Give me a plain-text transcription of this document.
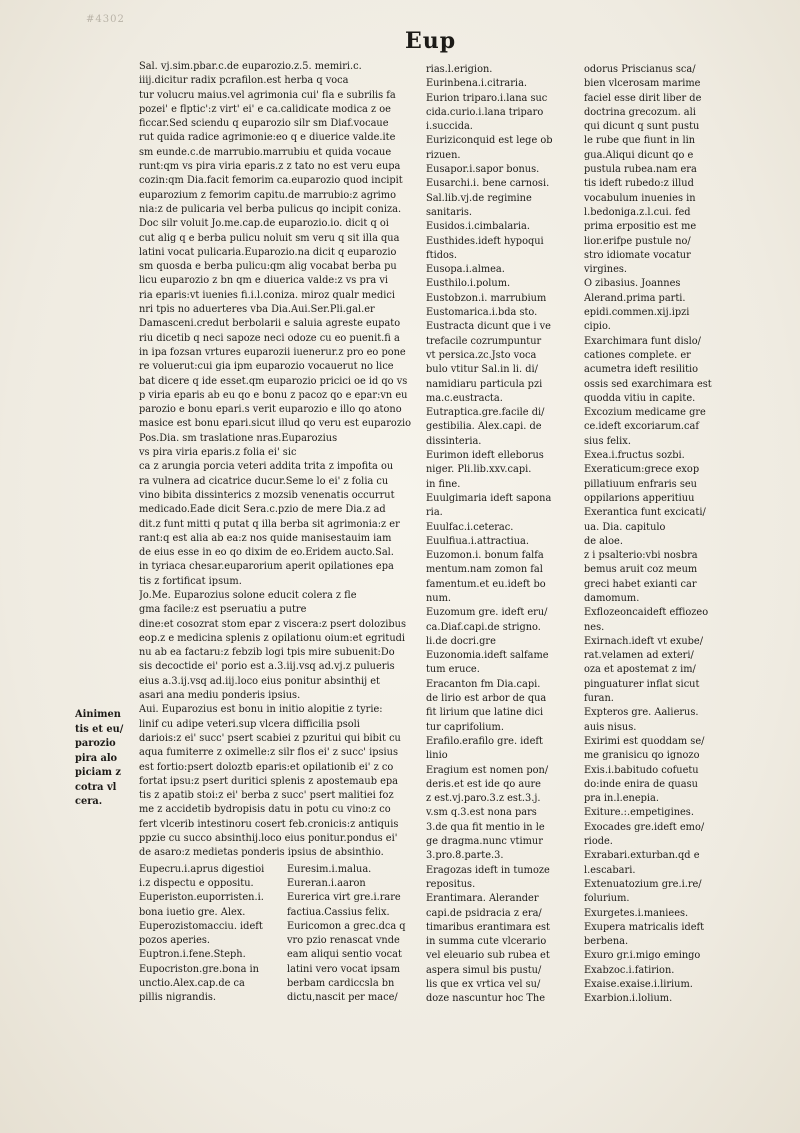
#4302
Eup
Sal. vj.sim.pbar.c.de euparozio.z.5. memiri.c.
iiij.dicitur radix pcrafilon.est herba q voca
tur volucru maius.vel agrimonia cui' fla e subrilis fa
pozei' e flptic':z virt' ei' e ca.calidicate modica z oe
ficcar.Sed sciendu q euparozio silr sm Diaf.vocaue
rut quida radice agrimonie:eo q e diuerice valde.ite
sm eunde.c.de marrubio.marrubiu et quida vocaue
runt:qm vs pira viria eparis.z z tato no est veru eupa
cozin:qm Dia.facit femorim ca.euparozio quod incipit
euparozium z femorim capitu.de marrubio:z agrimo
nia:z de pulicaria vel berba pulicus qo incipit coniza.
Doc silr voluit Jo.me.cap.de euparozio.io. dicit q oi
cut alig q e berba pulicu noluit sm veru q sit illa qua
latini vocat pulicaria.Euparozio.na dicit q euparozio
sm quosda e berba pulicu:qm alig vocabat berba pu
licu euparozio z bn qm e diuerica valde:z vs pra vi
ria eparis:vt iuenies fi.i.l.coniza. miroz qualr medici
nri tpis no aduerteres vba Dia.Aui.Ser.Pli.gal.er
Damasceni.credut berbolarii e saluia agreste eupato
riu dicetib q neci sapoze neci odoze cu eo puenit.fi a
in ipa fozsan vrtures euparozii iuenerur.z pro eo pone
re voluerut:cui gia ipm euparozio vocauerut no lice
bat dicere q ide esset.qm euparozio pricici oe id qo vs
p viria eparis ab eu qo e bonu z pacoz qo e epar:vn eu
parozio e bonu epari.s verit euparozio e illo qo atono
masice est bonu epari.sicut illud qo veru est euparozio
Pos.Dia. sm traslatione nras.Euparozius
vs pira viria eparis.z folia ei' sic
ca z arungia porcia veteri addita trita z impofita ou
ra vulnera ad cicatrice ducur.Seme lo ei' z folia cu
vino bibita dissinterics z mozsib venenatis occurrut
medicado.Eade dicit Sera.c.pzio de mere Dia.z ad
dit.z funt mitti q putat q illa berba sit agrimonia:z er
rant:q est alia ab ea:z nos quide manisestauim iam
de eius esse in eo qo dixim de eo.Eridem aucto.Sal.
in tyriaca chesar.euparorium aperit opilationes epa
tis z fortificat ipsum.
Jo.Me. Euparozius solone educit colera z fle
gma facile:z est pseruatiu a putre
dine:et cosozrat stom epar z viscera:z psert dolozibus
eop.z e medicina splenis z opilationu oium:et egritudi
nu ab ea factaru:z febzib logi tpis mire subuenit:Do
sis decoctide ei' porio est a.3.iij.vsq ad.vj.z pulueris
eius a.3.ij.vsq ad.iij.loco eius ponitur absinthij et
asari ana mediu ponderis ipsius.
Aui. Euparozius est bonu in initio alopitie z tyrie:
linif cu adipe veteri.sup vlcera difficilia psoli
dariois:z ei' succ' psert scabiei z pzuritui qui bibit cu
aqua fumiterre z oximelle:z silr flos ei' z succ' ipsius
est fortio:psert doloztb eparis:et opilationib ei' z co
fortat ipsu:z psert duritici splenis z apostemaub epa
tis z apatib stoi:z ei' berba z succ' psert malitiei foz
me z accidetib bydropisis datu in potu cu vino:z co
fert vlcerib intestinoru cosert feb.cronicis:z antiquis
ppzie cu succo absinthij.loco eius ponitur.pondus ei'
de asaro:z medietas ponderis ipsius de absinthio.
Eupecru.i.aprus digestioi
i.z dispectu e oppositu.
Euperiston.euporristen.i.
bona iuetio gre. Alex.
Euperozistomacciu. ideft
pozos aperies.
Euptron.i.fene.Steph.
Eupocriston.gre.bona in
unctio.Alex.cap.de ca
pillis nigrandis.
Euresim.i.malua.
Eureran.i.aaron
Eurerica virt gre.i.rare
factiua.Cassius felix.
Euricomon a grec.dca q
vro pzio renascat vnde
eam aliqui sentio vocat
latini vero vocat ipsam
berbam cardiccsla bn
dictu,nascit per mace/
rias.l.erigion.
Eurinbena.i.citraria.
Eurion triparo.i.lana suc
cida.curio.i.lana triparo
i.succida.
Euriziconquid est lege ob
rizuen.
Eusapor.i.sapor bonus.
Eusarchi.i. bene carnosi.
Sal.lib.vj.de regimine
sanitaris.
Eusidos.i.cimbalaria.
Eusthides.ideft hypoqui
ftidos.
Eusopa.i.almea.
Eusthilo.i.polum.
Eustobzon.i. marrubium
Eustomarica.i.bda sto.
Eustracta dicunt que i ve
trefacile cozrumpuntur
vt persica.zc.Jsto voca
bulo vtitur Sal.in li. di/
namidiaru particula pzi
ma.c.eustracta.
Eutraptica.gre.facile di/
gestibilia. Alex.capi. de
dissinteria.
Eurimon ideft elleborus
niger. Pli.lib.xxv.capi.
in fine.
Euulgimaria ideft sapona
ria.
Euulfac.i.ceterac.
Euulfiua.i.attractiua.
Euzomon.i. bonum falfa
mentum.nam zomon fal
famentum.et eu.ideft bo
num.
Euzomum gre. ideft eru/
ca.Diaf.capi.de strigno.
li.de docri.gre
Euzonomia.ideft salfame
tum eruce.
Eracanton fm Dia.capi.
de lirio est arbor de qua
fit lirium que latine dici
tur caprifolium.
Erafilo.erafilo gre. ideft
linio
Eragium est nomen pon/
deris.et est ide qo aure
z est.vj.paro.3.z est.3.j.
v.sm q.3.est nona pars
3.de qua fit mentio in le
ge dragma.nunc vtimur
3.pro.8.parte.3.
Eragozas ideft in tumoze
repositus.
Erantimara. Alerander
capi.de psidracia z era/
timaribus erantimara est
in summa cute vlcerario
vel eleuario sub rubea et
aspera simul bis pustu/
lis que ex vrtica vel su/
doze nascuntur hoc The
odorus Priscianus sca/
bien vlcerosam marime
faciel esse dirit liber de
doctrina grecozum. ali
qui dicunt q sunt pustu
le rube que fiunt in lin
gua.Aliqui dicunt qo e
pustula rubea.nam era
tis ideft rubedo:z illud
vocabulum inuenies in
l.bedoniga.z.l.cui. fed
prima erpositio est me
lior.erifpe pustule no/
stro idiomate vocatur
virgines.
O zibasius. Joannes
Alerand.prima parti.
epidi.commen.xij.ipzi
cipio.
Exarchimara funt dislo/
cationes complete. er
acumetra ideft resilitio
ossis sed exarchimara est
quodda vitiu in capite.
Excozium medicame gre
ce.ideft excoriarum.caf
sius felix.
Exea.i.fructus sozbi.
Exeraticum:grece exop
pillatiuum enfraris seu
oppilarions apperitiuu
Exerantica funt excicati/
ua. Dia. capitulo
de aloe.
z i psalterio:vbi nosbra
bemus aruit coz meum
greci habet exianti car
damomum.
Exflozeoncaideft effiozeo
nes.
Exirnach.ideft vt exube/
rat.velamen ad exteri/
oza et apostemat z im/
pinguaturer inflat sicut
furan.
Expteros gre. Aalierus.
auis nisus.
Exirimi est quoddam se/
me granisicu qo ignozo
Exis.i.babitudo cofuetu
do:inde enira de quasu
pra in.l.enepia.
Exiture.:.empetigines.
Exocades gre.ideft emo/
riode.
Exrabari.exturban.qd e
l.escabari.
Extenuatozium gre.i.re/
folurium.
Exurgetes.i.maniees.
Exupera matricalis ideft
berbena.
Exuro gr.i.migo emingo
Exabzoc.i.fatirion.
Exaise.exaise.i.lirium.
Exarbion.i.lolium.
Ainimen
tis et eu/
parozio
pira alo
piciam z
cotra vl
cera.
